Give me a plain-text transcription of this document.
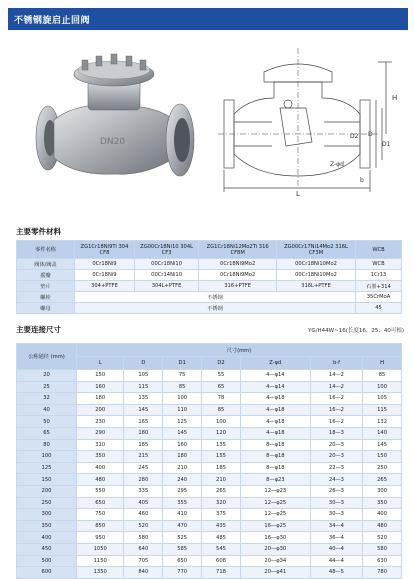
不锈钢旋启止回阀
DN20
H
D
D1
D2
Z-φd
b
L
主要零件材料
零件名称	ZG1Cr18Ni9Ti 304 CF8	ZG00Cr18Ni10 304L CF3	ZG1Cr18Ni12Mo2Ti 316 CF8M	ZG00Cr17Ni14Mo2 316L CF3M	WCB
阀体/阀盖	0Cr18Ni9	00Cr18Ni10	0Cr18Ni9Mo2	00Cr18Ni10Mo2	WCB
摇瓣	0Cr18Ni9	00Cr14Ni10	0Cr18Ni9Mo2	00Cr18Ni10Mo2	1Cr13
垫片	304+PTFE	304L+PTFE	316+PTFE	316L+PTFE	石墨+314
螺栓	不锈钢				35CrMoA
螺母	不锈钢				45
主要连接尺寸	YG/H44W~16(长度16、25、40可根)
公称通径 (mm)	尺寸(mm)						
	L	D	D1	D2	Z-φd	b-f	H
20	150	105	75	55	4—φ14	14—2	85
25	160	115	85	65	4—φ14	14—2	100
32	180	135	100	78	4—φ18	16—2	105
40	200	145	110	85	4—φ18	16—2	115
50	230	165	125	100	4—φ18	16—2	132
65	290	180	145	120	4—φ18	18—3	140
80	310	185	160	135	8—φ18	20—3	145
100	350	215	180	155	8—φ18	20—3	150
125	400	245	210	185	8—φ18	22—3	250
150	480	280	240	210	8—φ23	24—3	265
200	550	335	295	265	12—φ23	26—3	300
250	650	405	355	320	12—φ25	30—3	350
300	750	460	410	375	12—φ25	30—3	400
350	850	520	470	435	16—φ25	34—4	480
400	950	580	525	485	16—φ30	36—4	520
450	1050	640	585	545	20—φ30	40—4	580
500	1150	705	650	608	20—φ34	44—4	630
600	1350	840	770	718	20—φ41	48—5	780
